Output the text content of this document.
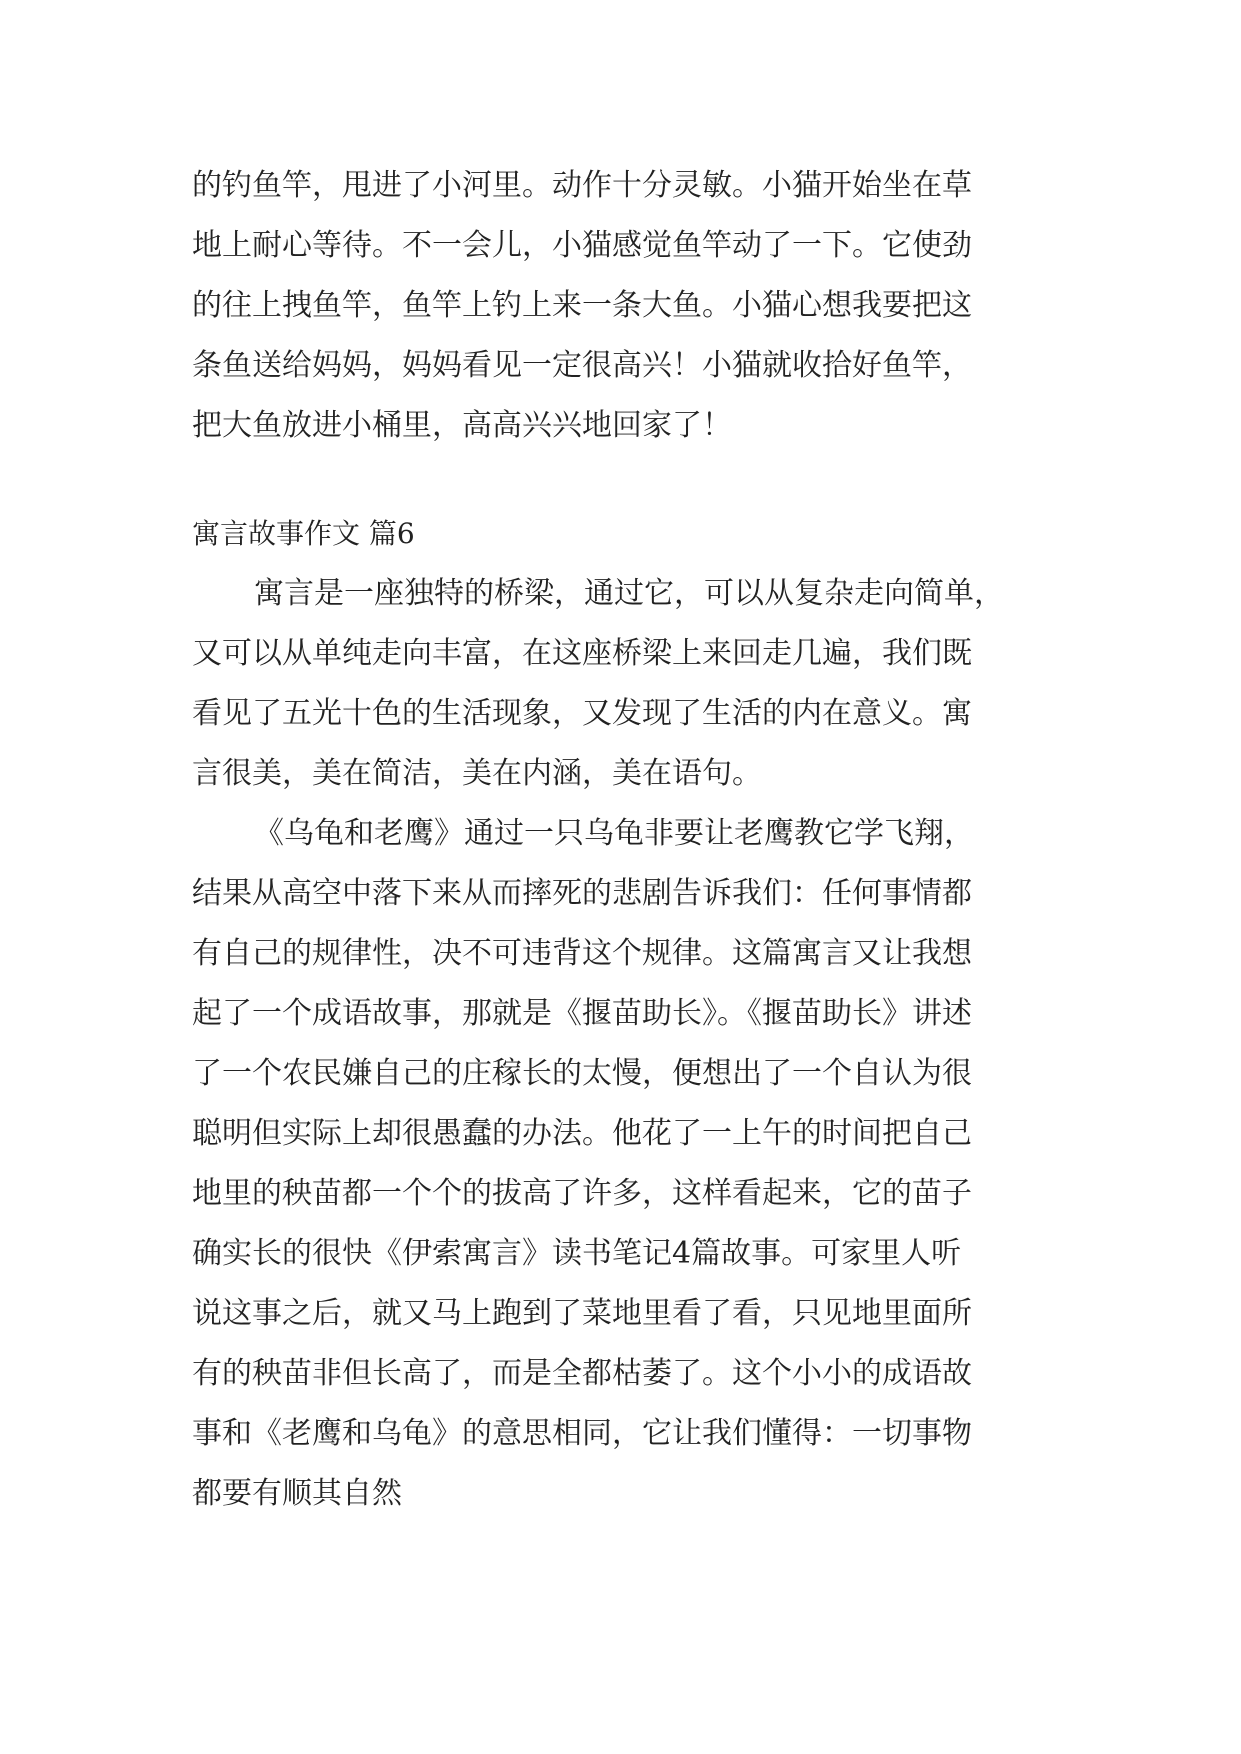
的钓鱼竿，甩进了小河里。动作十分灵敏。小猫开始坐在草

地上耐心等待。不一会儿，小猫感觉鱼竿动了一下。它使劲

的往上拽鱼竿，鱼竿上钓上来一条大鱼。小猫心想我要把这

条鱼送给妈妈，妈妈看见一定很高兴！小猫就收拾好鱼竿，

把大鱼放进小桶里，高高兴兴地回家了！

寓言故事作文 篇6

寓言是一座独特的桥梁，通过它，可以从复杂走向简单，

又可以从单纯走向丰富，在这座桥梁上来回走几遍，我们既

看见了五光十色的生活现象，又发现了生活的内在意义。寓

言很美，美在简洁，美在内涵，美在语句。

《乌龟和老鹰》通过一只乌龟非要让老鹰教它学飞翔，

结果从高空中落下来从而摔死的悲剧告诉我们：任何事情都

有自己的规律性，决不可违背这个规律。这篇寓言又让我想

起了一个成语故事，那就是《揠苗助长》。《揠苗助长》讲述

了一个农民嫌自己的庄稼长的太慢，便想出了一个自认为很

聪明但实际上却很愚蠢的办法。他花了一上午的时间把自己

地里的秧苗都一个个的拔高了许多，这样看起来，它的苗子

确实长的很快《伊索寓言》读书笔记4篇故事。可家里人听

说这事之后，就又马上跑到了菜地里看了看，只见地里面所

有的秧苗非但长高了，而是全都枯萎了。这个小小的成语故

事和《老鹰和乌龟》的意思相同，它让我们懂得：一切事物

都要有顺其自然
